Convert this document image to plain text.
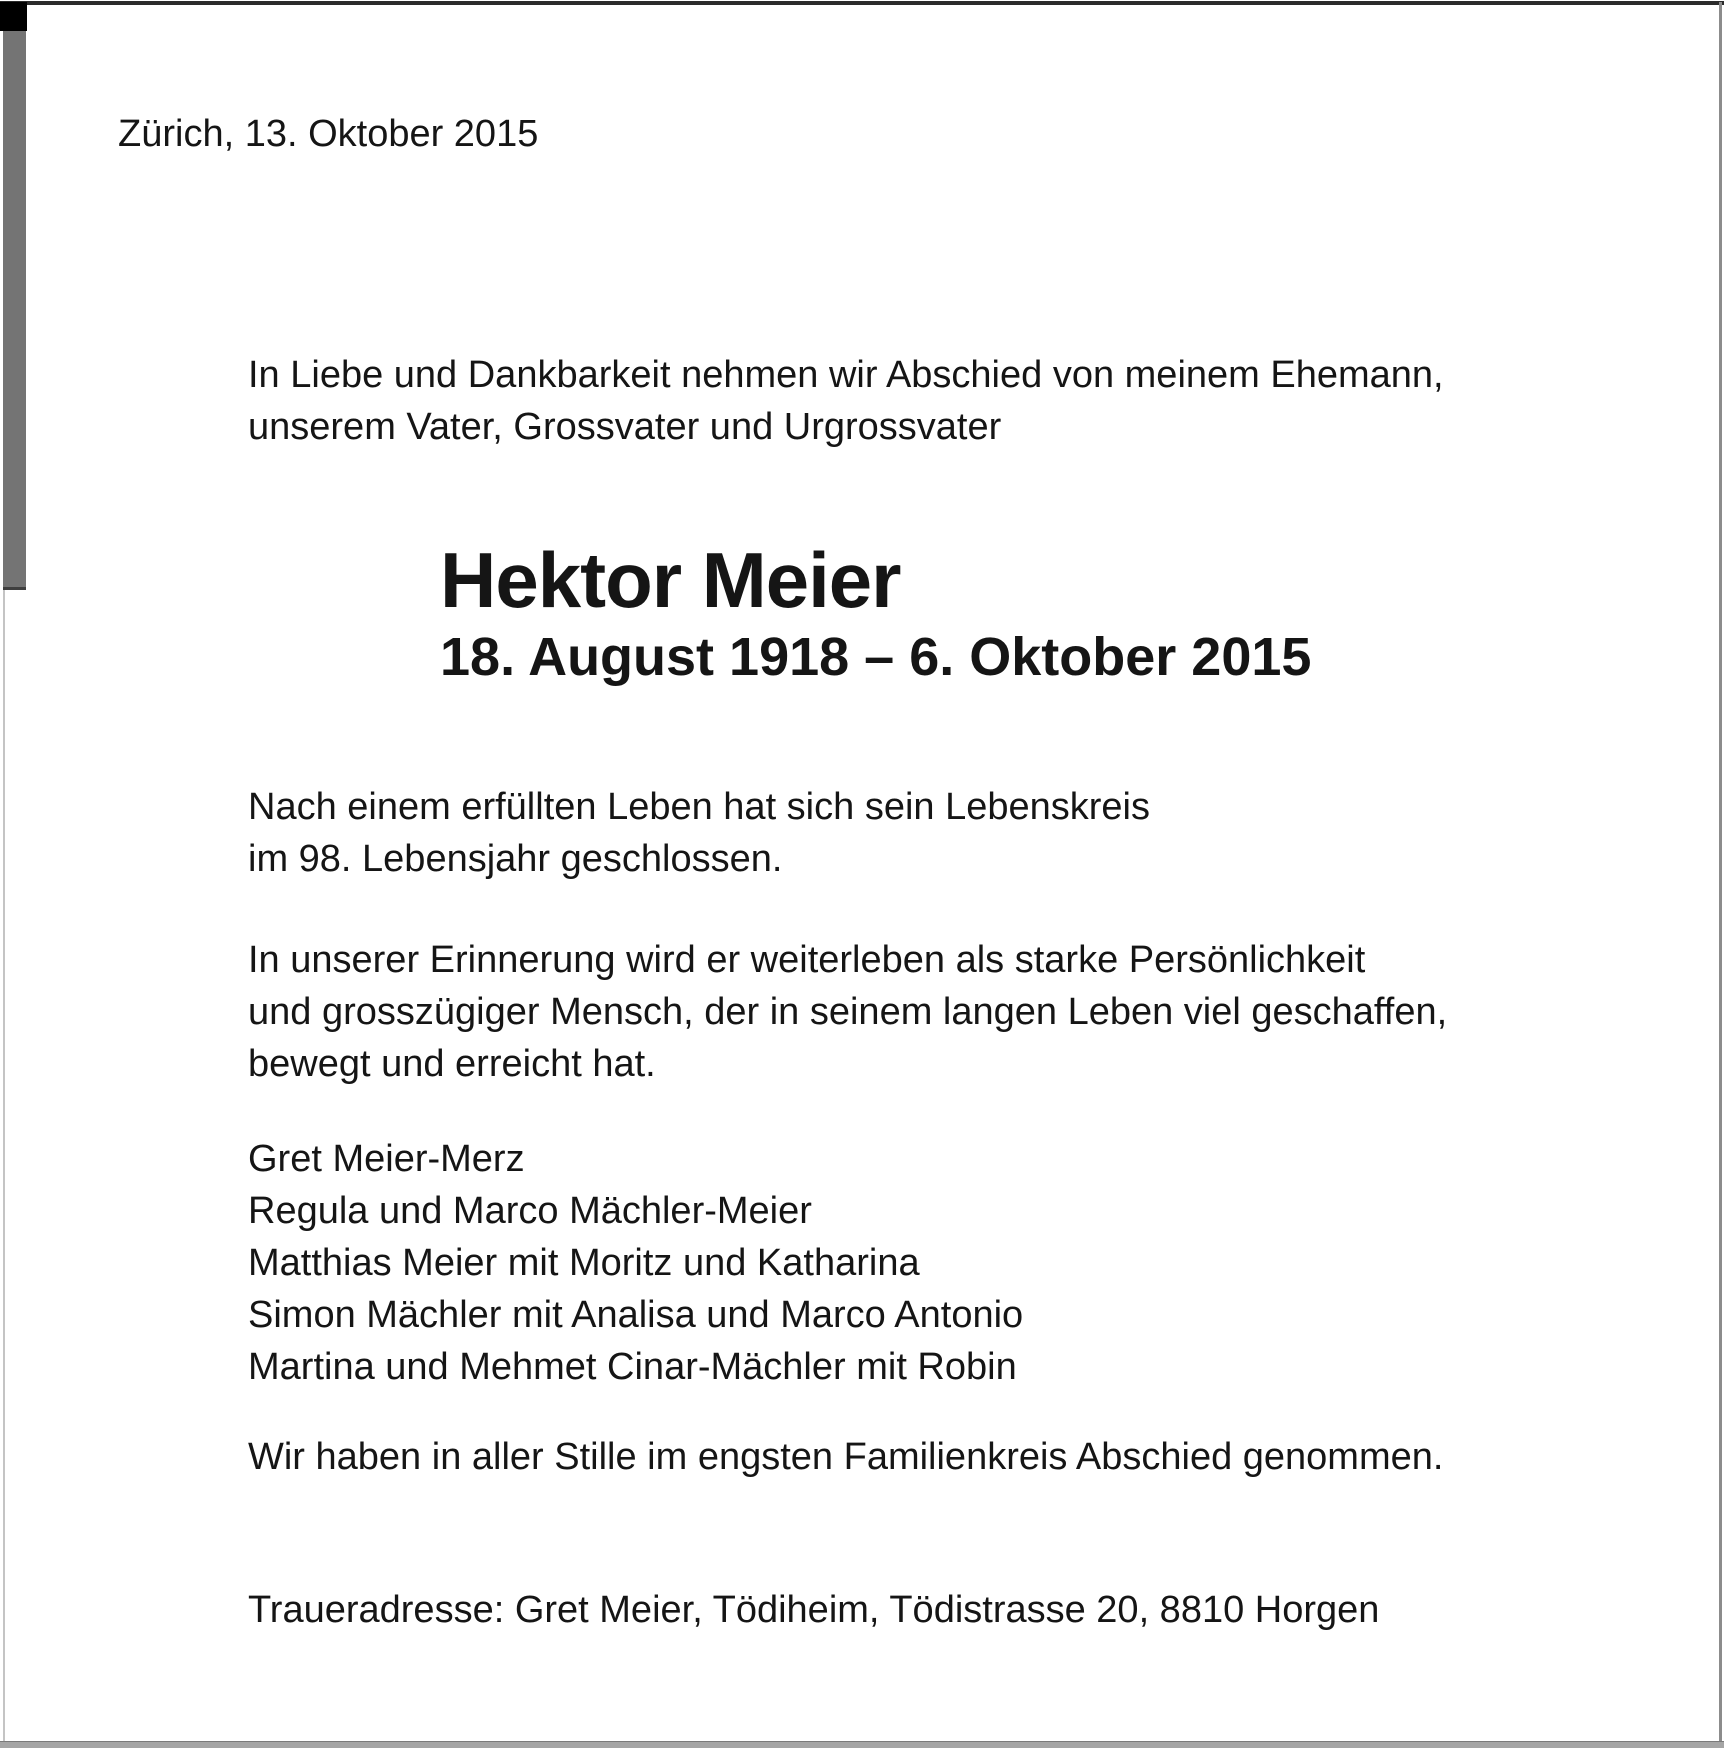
Zürich, 13. Oktober 2015
In Liebe und Dankbarkeit nehmen wir Abschied von meinem Ehemann,
unserem Vater, Grossvater und Urgrossvater
Hektor Meier
18. August 1918 – 6. Oktober 2015
Nach einem erfüllten Leben hat sich sein Lebenskreis
im 98. Lebensjahr geschlossen.
In unserer Erinnerung wird er weiterleben als starke Persönlichkeit
und grosszügiger Mensch, der in seinem langen Leben viel geschaffen,
bewegt und erreicht hat.
Gret Meier-Merz
Regula und Marco Mächler-Meier
Matthias Meier mit Moritz und Katharina
Simon Mächler mit Analisa und Marco Antonio
Martina und Mehmet Cinar-Mächler mit Robin
Wir haben in aller Stille im engsten Familienkreis Abschied genommen.
Traueradresse: Gret Meier, Tödiheim, Tödistrasse 20, 8810 Horgen
